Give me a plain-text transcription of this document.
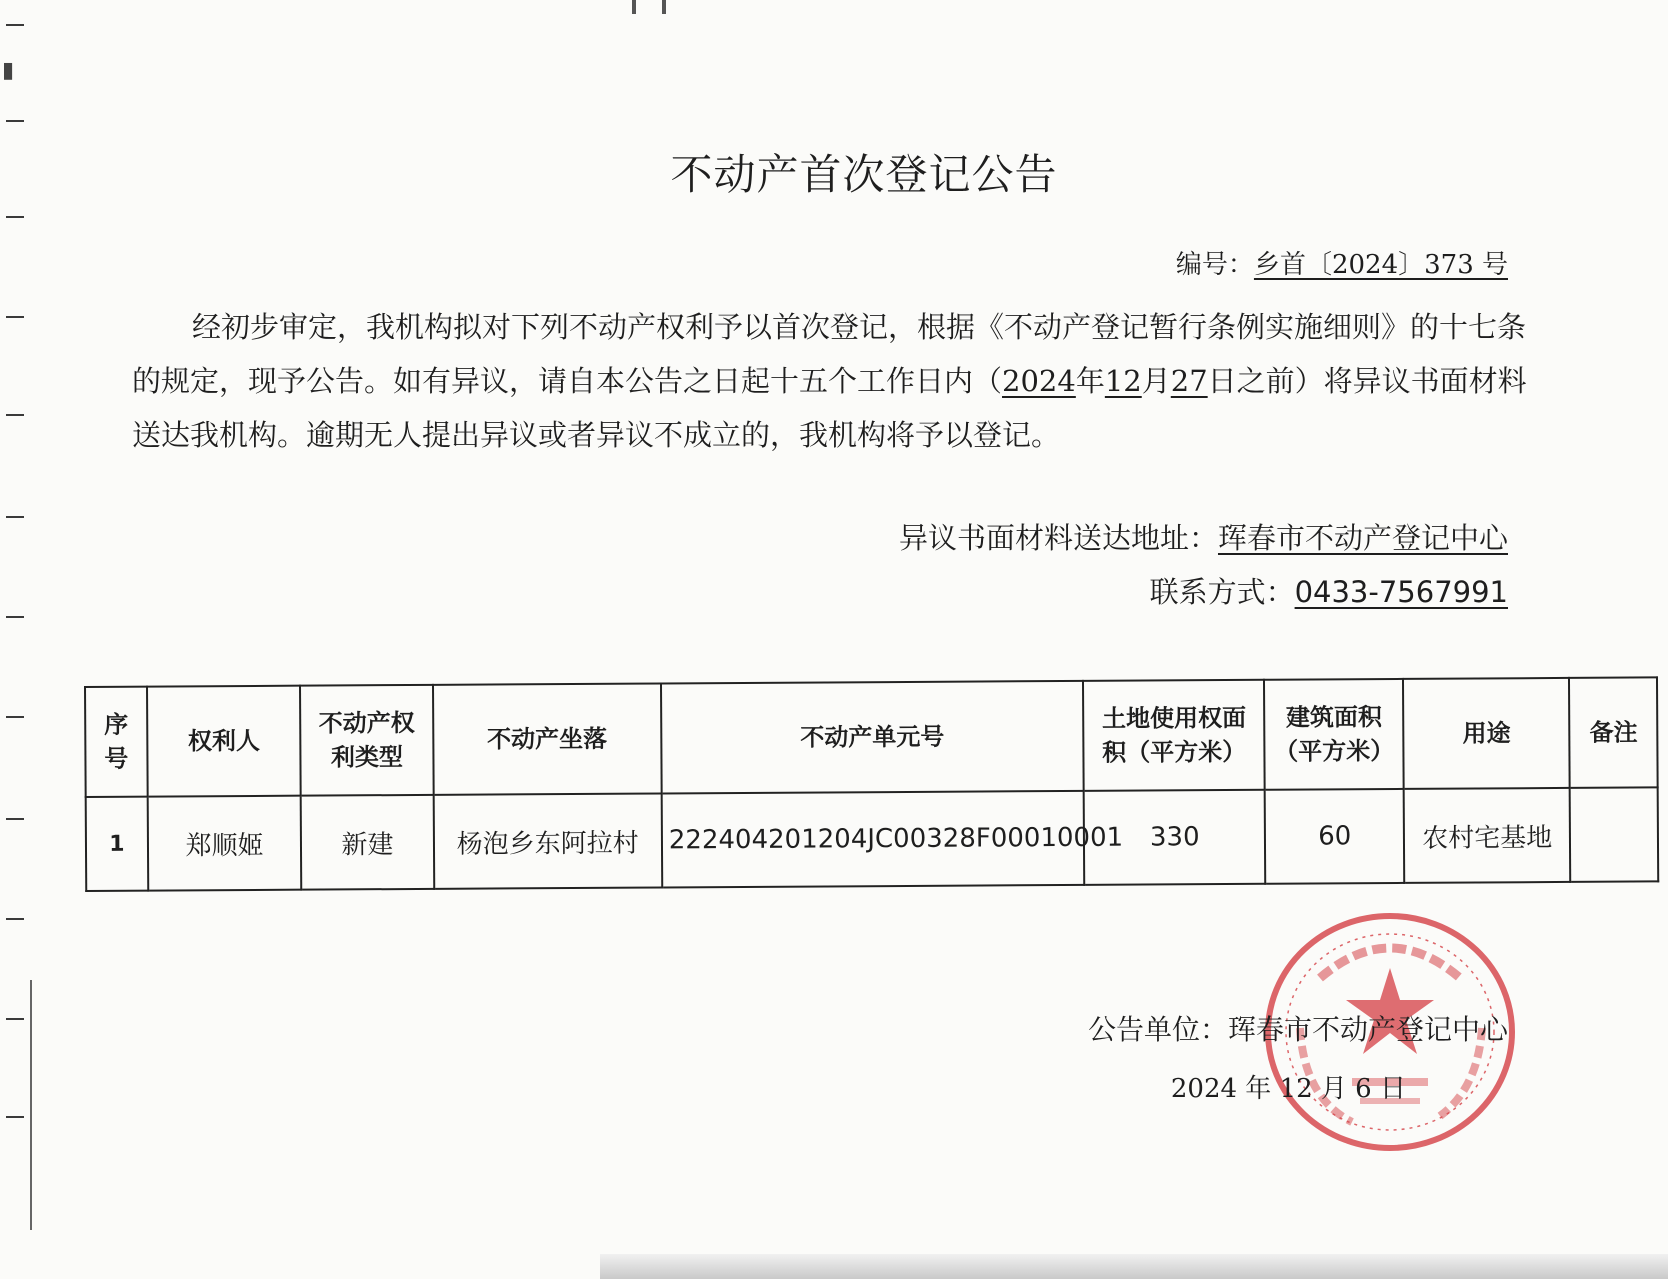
▮
不动产首次登记公告
编号：乡首〔2024〕373 号
经初步审定，我机构拟对下列不动产权利予以首次登记，根据《不动产登记暂行条例实施细则》的十七条的规定，现予公告。如有异议，请自本公告之日起十五个工作日内（2024年12月27日之前）将异议书面材料送达我机构。逾期无人提出异议或者异议不成立的，我机构将予以登记。
异议书面材料送达地址：珲春市不动产登记中心
联系方式：0433-7567991
序号	权利人	不动产权利类型	不动产坐落	不动产单元号	土地使用权面积（平方米）	建筑面积（平方米）	用途	备注
1	郑顺姬	新建	杨泡乡东阿拉村	222404201204JC00328F00010001	330	60	农村宅基地	
公告单位：珲春市不动产登记中心
2024 年 12 月 6 日
